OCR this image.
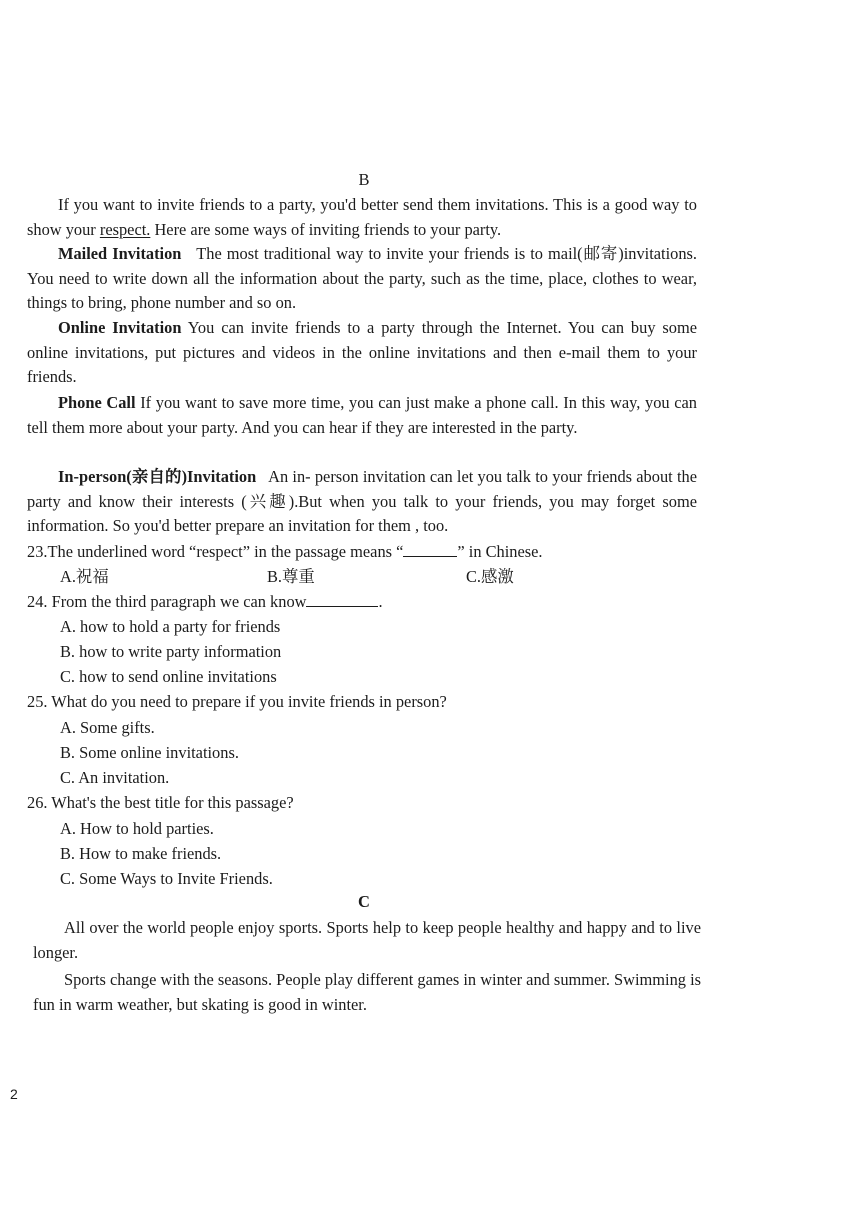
B
If you want to invite friends to a party, you'd better send them invitations. This is a good way to show your respect. Here are some ways of inviting friends to your party.
Mailed Invitation   The most traditional way to invite your friends is to mail(邮寄)invitations. You need to write down all the information about the party, such as the time, place, clothes to wear, things to bring, phone number and so on.
Online Invitation You can invite friends to a party through the Internet. You can buy some online invitations, put pictures and videos in the online invitations and then e-mail them to your friends.
Phone Call If you want to save more time, you can just make a phone call. In this way, you can tell them more about your party. And you can hear if they are interested in the party.
In-person(亲自的)Invitation   An in- person invitation can let you talk to your friends about the party and know their interests (兴趣).But when you talk to your friends, you may forget some information. So you'd better prepare an invitation for them , too.
23.The underlined word “respect” in the passage means “	” in Chinese.
A.祝福	B.尊重	C.感激
24. From the third paragraph we can know	.
A. how to hold a party for friends
B. how to write party information
C. how to send online invitations
25. What do you need to prepare if you invite friends in person?
A. Some gifts.
B. Some online invitations.
C. An invitation.
26. What's the best title for this passage?
A. How to hold parties.
B. How to make friends.
C. Some Ways to Invite Friends.
C
All over the world people enjoy sports. Sports help to keep people healthy and happy and to live longer.
Sports change with the seasons. People play different games in winter and summer. Swimming is fun in warm weather, but skating is good in winter.
2
